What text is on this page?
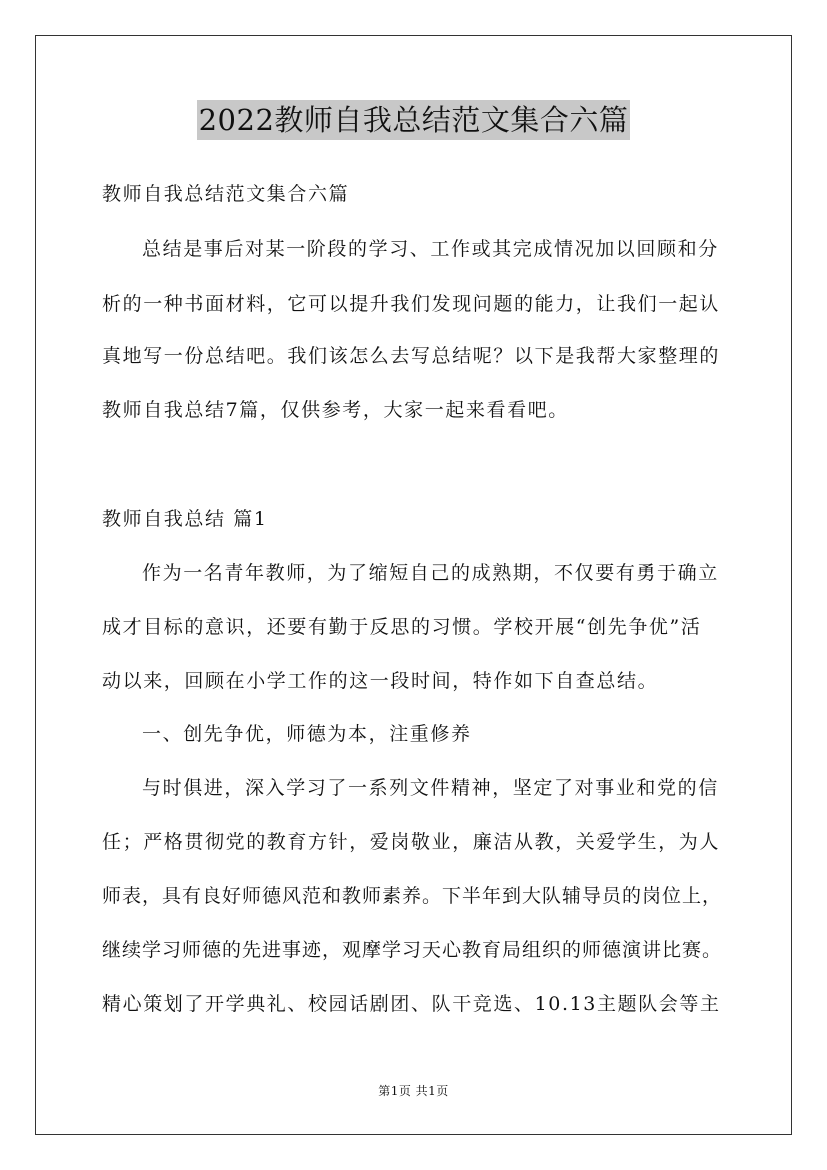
2022教师自我总结范文集合六篇
教师自我总结范文集合六篇
总结是事后对某一阶段的学习、工作或其完成情况加以回顾和分
析的一种书面材料，它可以提升我们发现问题的能力，让我们一起认
真地写一份总结吧。我们该怎么去写总结呢？以下是我帮大家整理的
教师自我总结7篇，仅供参考，大家一起来看看吧。
教师自我总结 篇1
作为一名青年教师，为了缩短自己的成熟期，不仅要有勇于确立
成才目标的意识，还要有勤于反思的习惯。学校开展“创先争优”活
动以来，回顾在小学工作的这一段时间，特作如下自查总结。
一、创先争优，师德为本，注重修养
与时俱进，深入学习了一系列文件精神，坚定了对事业和党的信
任；严格贯彻党的教育方针，爱岗敬业，廉洁从教，关爱学生，为人
师表，具有良好师德风范和教师素养。下半年到大队辅导员的岗位上，
继续学习师德的先进事迹，观摩学习天心教育局组织的师德演讲比赛。
精心策划了开学典礼、校园话剧团、队干竞选、10.13主题队会等主
第1页 共1页
